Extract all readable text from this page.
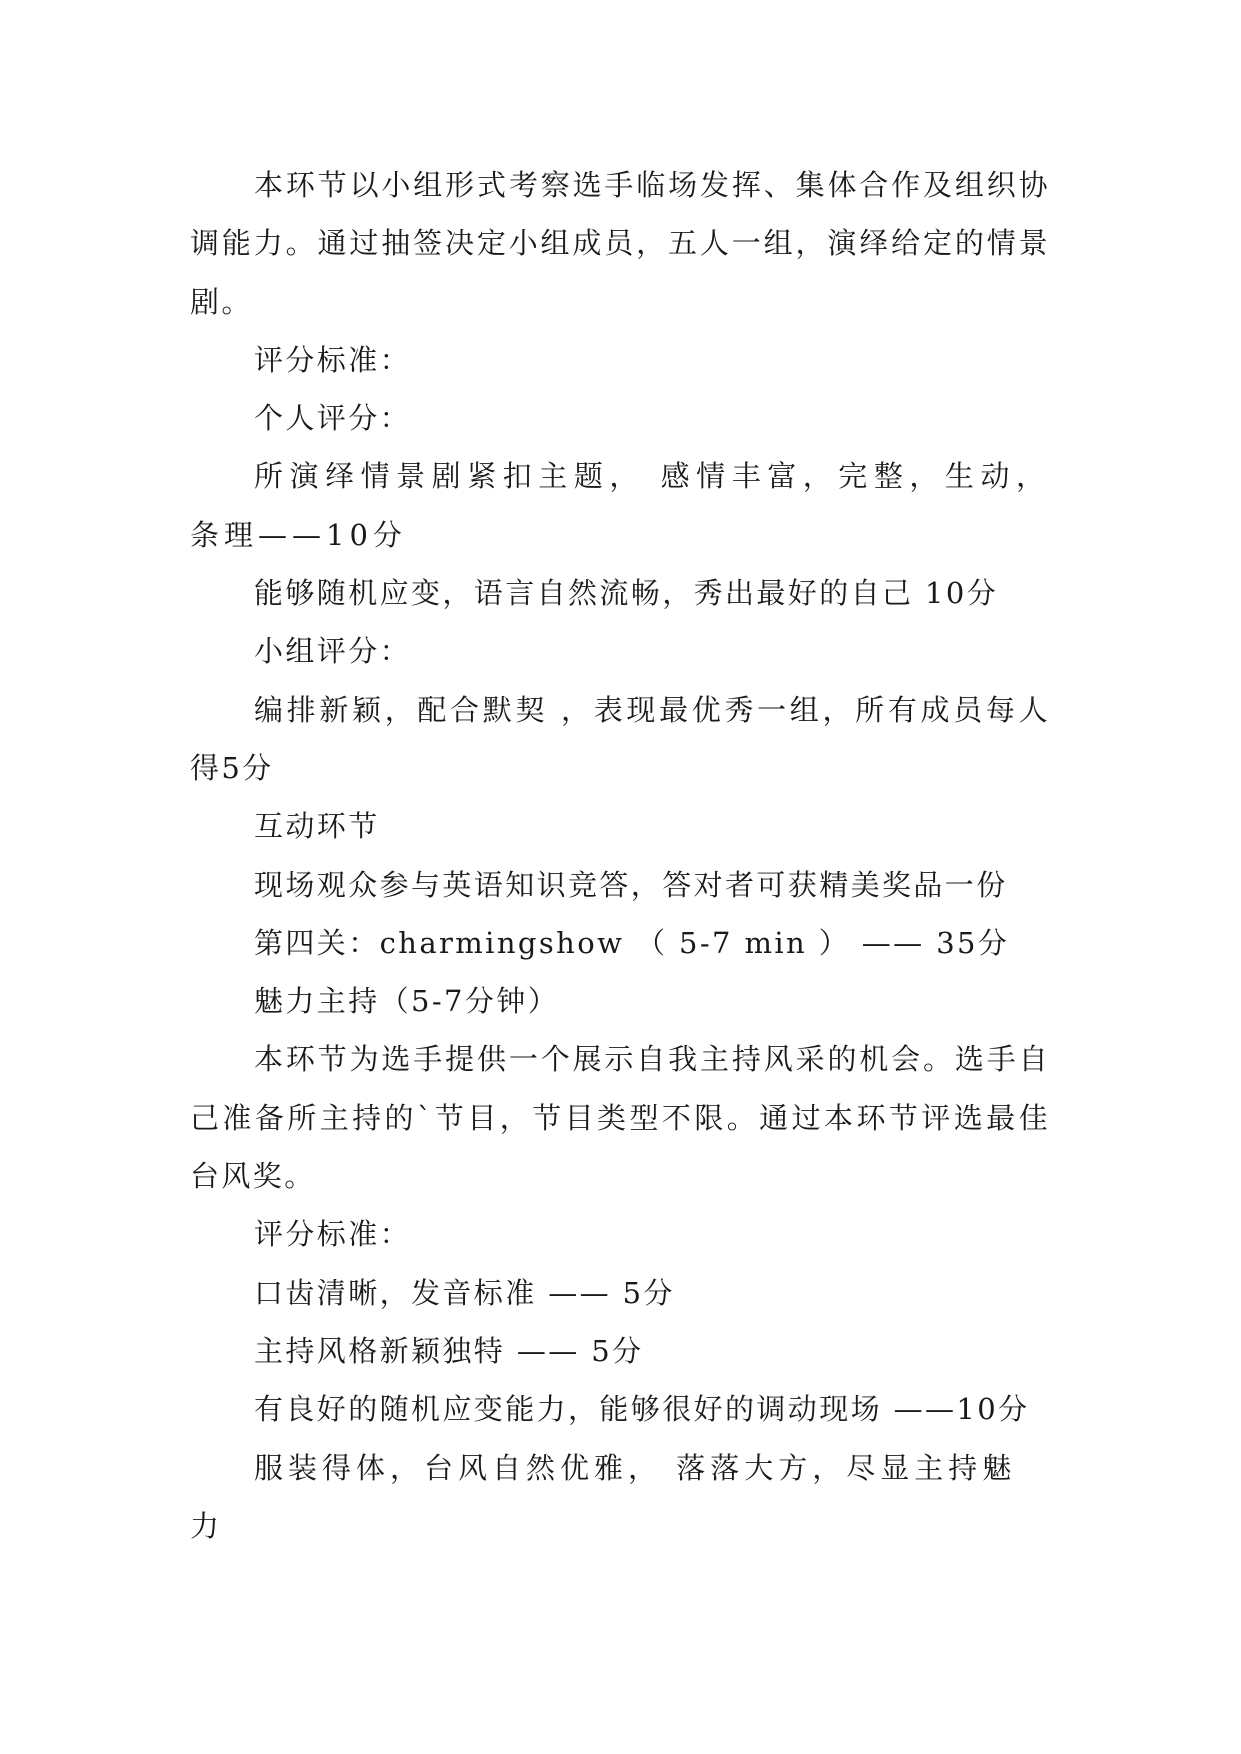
本环节以小组形式考察选手临场发挥、集体合作及组织协调能力。通过抽签决定小组成员，五人一组，演绎给定的情景剧。

评分标准：

个人评分：

所演绎情景剧紧扣主题， 感情丰富，完整，生动，条理——10分

能够随机应变，语言自然流畅，秀出最好的自己 10分

小组评分：

编排新颖，配合默契 ，表现最优秀一组，所有成员每人得5分

互动环节

现场观众参与英语知识竞答，答对者可获精美奖品一份

第四关：charmingshow （ 5-7 min ） —— 35分

魅力主持（5-7分钟）

本环节为选手提供一个展示自我主持风采的机会。选手自己准备所主持的`节目，节目类型不限。通过本环节评选最佳台风奖。

评分标准：

口齿清晰，发音标准 —— 5分

主持风格新颖独特 —— 5分

有良好的随机应变能力，能够很好的调动现场 ——10分

服装得体，台风自然优雅， 落落大方，尽显主持魅力
